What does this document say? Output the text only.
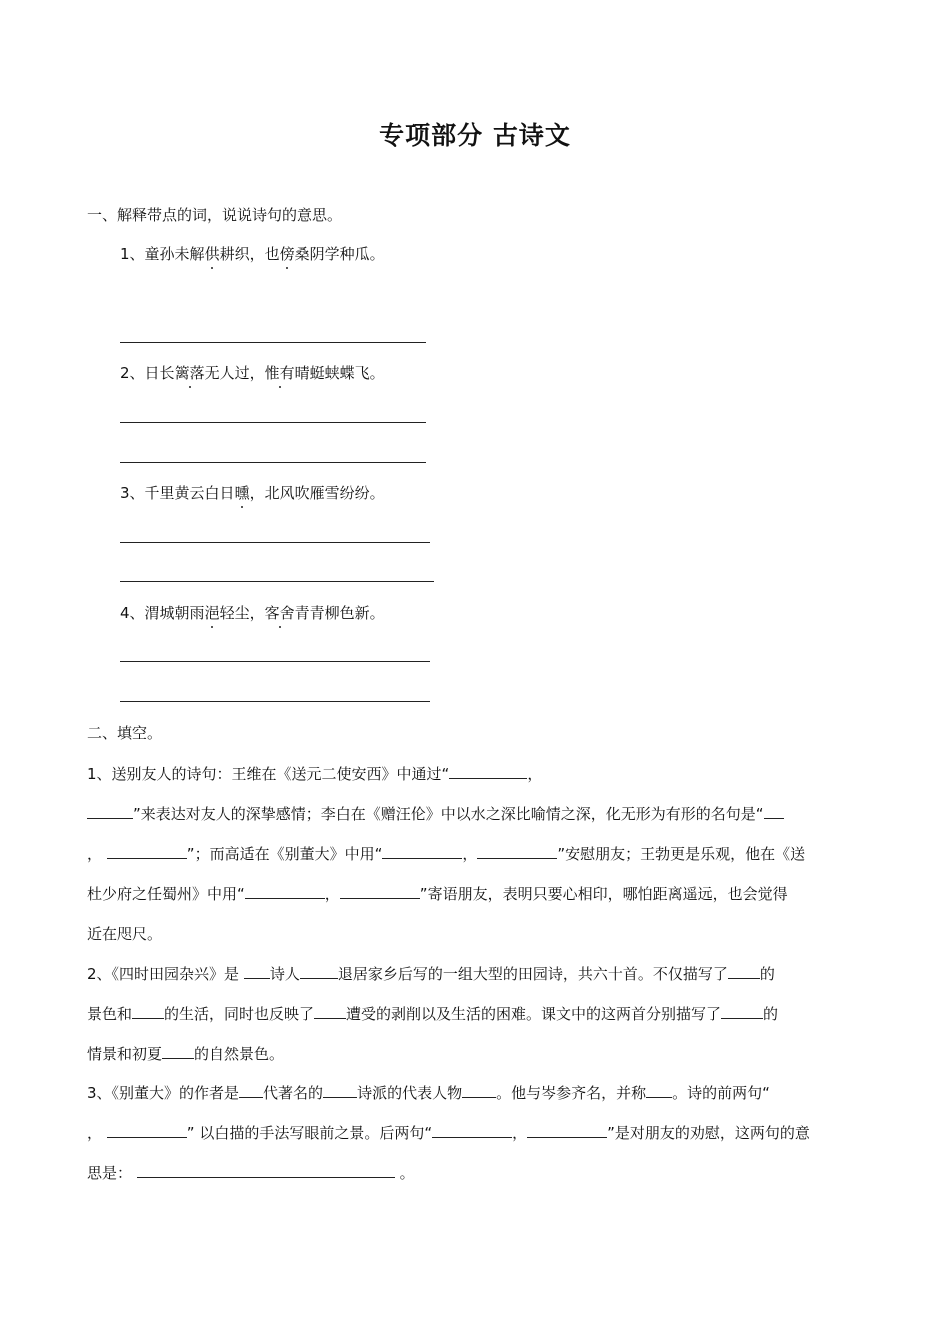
专项部分 古诗文
一、解释带点的词，说说诗句的意思。
1、童孙未解供耕织，也傍桑阴学种瓜。
2、日长篱落无人过，惟有晴蜓蛱蝶飞。
3、千里黄云白日曛，北风吹雁雪纷纷。
4、渭城朝雨浥轻尘，客舍青青柳色新。
二、填空。
1、送别友人的诗句：王维在《送元二使安西》中通过“	，
”来表达对友人的深挚感情；李白在《赠汪伦》中以水之深比喻情之深，化无形为有形的名句是“
，	”；而高适在《别董大》中用“	，	”安慰朋友；王勃更是乐观，他在《送
杜少府之任蜀州》中用“	，	”寄语朋友，表明只要心相印，哪怕距离遥远，也会觉得
近在咫尺。
2、《四时田园杂兴》是 诗人	退居家乡后写的一组大型的田园诗，共六十首。不仅描写了 的
景色和 的生活，同时也反映了 遭受的剥削以及生活的困难。课文中的这两首分别描写了	的
情景和初夏 的自然景色。
3、《别董大》的作者是 代著名的 诗派的代表人物 。他与岑参齐名，并称 。诗的前两句“
，	” 以白描的手法写眼前之景。后两句“	，	”是对朋友的劝慰，这两句的意
思是：	。
